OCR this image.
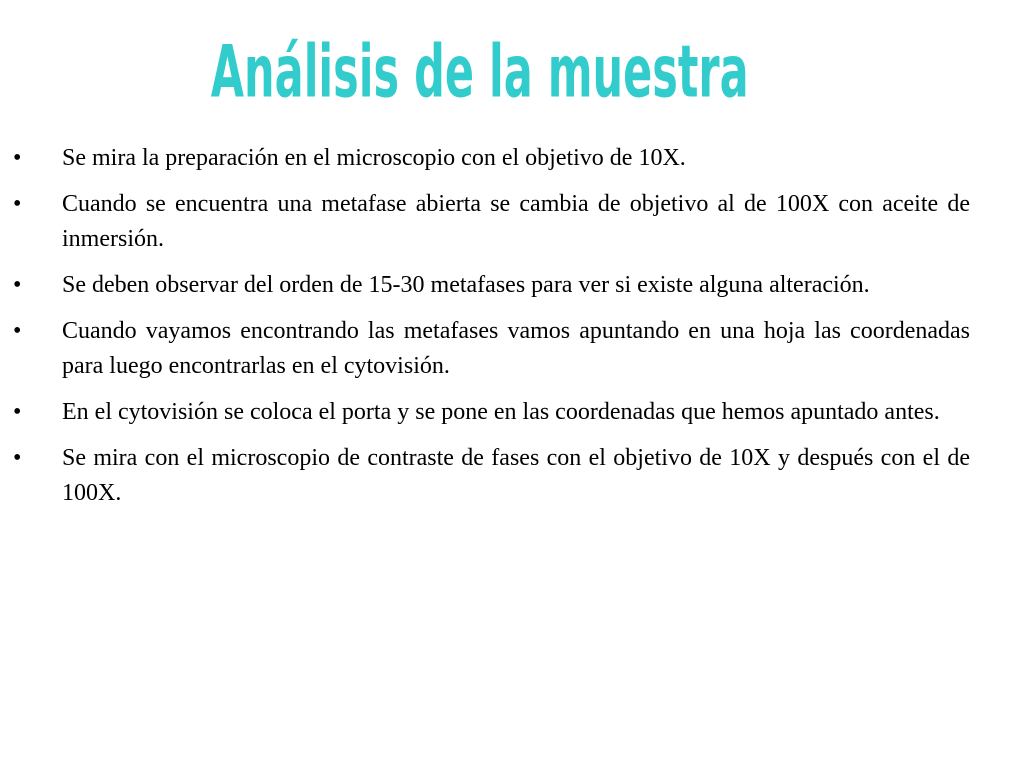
Análisis de la muestra
•	Se mira la preparación en el microscopio con el objetivo de 10X.
•	Cuando se encuentra una metafase abierta se cambia de objetivo al de 100X con aceite de inmersión.
•	Se deben observar del orden de 15-30 metafases para ver si existe alguna alteración.
•	Cuando vayamos encontrando las metafases vamos apuntando en una hoja las coordenadas para luego encontrarlas en el cytovisión.
•	En el cytovisión se coloca el porta y se pone en las coordenadas que hemos apuntado antes.
•	Se mira con el microscopio de contraste de fases con el objetivo de 10X y después con el de 100X.
